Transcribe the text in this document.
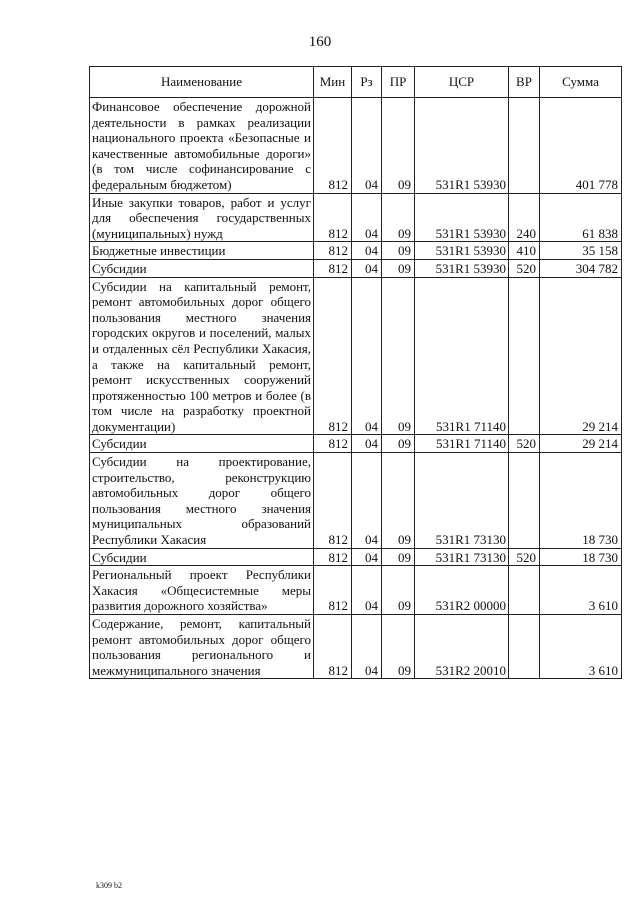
160
Наименование	Мин	Рз	ПР	ЦСР	ВР	Сумма
Финансовое обеспечение дорожной деятельности в рамках реализации национального проекта «Безопасные и качественные автомобильные дороги» (в том числе софинансирование с федеральным бюджетом)	812	04	09	531R1 53930		401 778
Иные закупки товаров, работ и услуг для обеспечения государственных (муниципальных) нужд	812	04	09	531R1 53930	240	61 838
Бюджетные инвестиции	812	04	09	531R1 53930	410	35 158
Субсидии	812	04	09	531R1 53930	520	304 782
Субсидии на капитальный ремонт, ремонт автомобильных дорог общего пользования местного значения городских округов и поселений, малых и отдаленных сёл Республики Хакасия, а также на капитальный ремонт, ремонт искусственных сооружений протяженностью 100 метров и более (в том числе на разработку проектной документации)	812	04	09	531R1 71140		29 214
Субсидии	812	04	09	531R1 71140	520	29 214
Субсидии на проектирование, строительство, реконструкцию автомобильных дорог общего пользования местного значения муниципальных образований Республики Хакасия	812	04	09	531R1 73130		18 730
Субсидии	812	04	09	531R1 73130	520	18 730
Региональный проект Республики Хакасия «Общесистемные меры развития дорожного хозяйства»	812	04	09	531R2 00000		3 610
Содержание, ремонт, капитальный ремонт автомобильных дорог общего пользования регионального и межмуниципального значения	812	04	09	531R2 20010		3 610
k309 b2
